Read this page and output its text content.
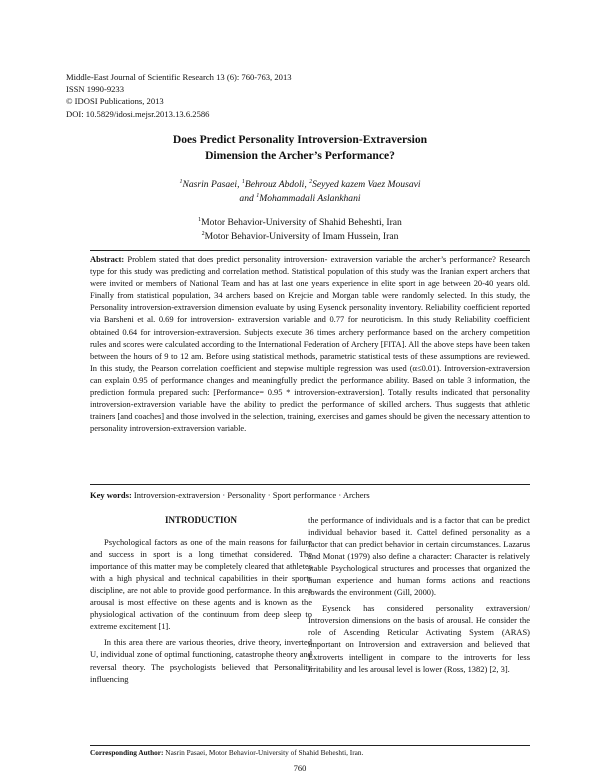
Middle-East Journal of Scientific Research 13 (6): 760-763, 2013
ISSN 1990-9233
© IDOSI Publications, 2013
DOI: 10.5829/idosi.mejsr.2013.13.6.2586
Does Predict Personality Introversion-Extraversion
Dimension the Archer’s Performance?
$^1$Nasrin Pasaei, $^1$Behrouz Abdoli, $^2$Seyyed kazem Vaez Mousavi
and $^1$Mohammadali Aslankhani
$^1$Motor Behavior-University of Shahid Beheshti, Iran
$^2$Motor Behavior-University of Imam Hussein, Iran
Abstract: Problem stated that does predict personality introversion- extraversion variable the archer’s performance? Research type for this study was predicting and correlation method. Statistical population of this study was the Iranian expert archers that were invited or members of National Team and has at last one years experience in elite sport in age between 20-40 years old. Finally from statistical population, 34 archers based on Krejcie and Morgan table were randomly selected. In this study, the Personality introversion-extraversion dimension evaluate by using Eysenck personality inventory. Reliability coefficient reported via Barsheni et al. 0.69 for introversion- extraversion variable and 0.77 for neuroticism. In this study Reliability coefficient obtained 0.64 for introversion-extraversion. Subjects execute 36 times archery performance based on the archery competition rules and scores were calculated according to the International Federation of Archery [FITA]. All the above steps have been taken between the hours of 9 to 12 am. Before using statistical methods, parametric statistical tests of these assumptions are reviewed. In this study, the Pearson correlation coefficient and stepwise multiple regression was used (α≤0.01). Introversion-extraversion can explain 0.95 of performance changes and meaningfully predict the performance ability. Based on table 3 information, the prediction formula prepared such: [Performance= 0.95 * introversion-extraversion]. Totally results indicated that personality introversion-extraversion variable have the ability to predict the performance of skilled archers. Thus suggests that athletic trainers [and coaches] and those involved in the selection, training, exercises and games should be given the necessary attention to personality introversion-extraversion variable.
Key words: Introversion-extraversion · Personality · Sport performance · Archers

INTRODUCTION

Psychological factors as one of the main reasons for failure and success in sport is a long timethat considered. The importance of this matter may be completely cleared that athletes with a high physical and technical capabilities in their sports discipline, are not able to provide good performance. In this area arousal is most effective on these agents and is known as the physiological activation of the continuum from deep sleep to extreme excitement [1].

In this area there are various theories, drive theory, inverted U, individual zone of optimal functioning, catastrophe theory and reversal theory. The psychologists believed that Personality influencing

the performance of individuals and is a factor that can be predict individual behavior based it. Cattel defined personality as a factor that can predict behavior in certain circumstances. Lazarus and Monat (1979) also define a character: Character is relatively stable Psychological structures and processes that organized the human experience and human forms actions and reactions towards the environment (Gill, 2000).

Eysenck has considered personality extraversion/ Introversion dimensions on the basis of arousal. He consider the role of Ascending Reticular Activating System (ARAS) important on Introversion and extraversion and believed that Extroverts intelligent in compare to the introverts for less irritability and les arousal level is lower (Ross, 1382) [2, 3].

Corresponding Author: Nasrin Pasaei, Motor Behavior-University of Shahid Beheshti, Iran.
760
